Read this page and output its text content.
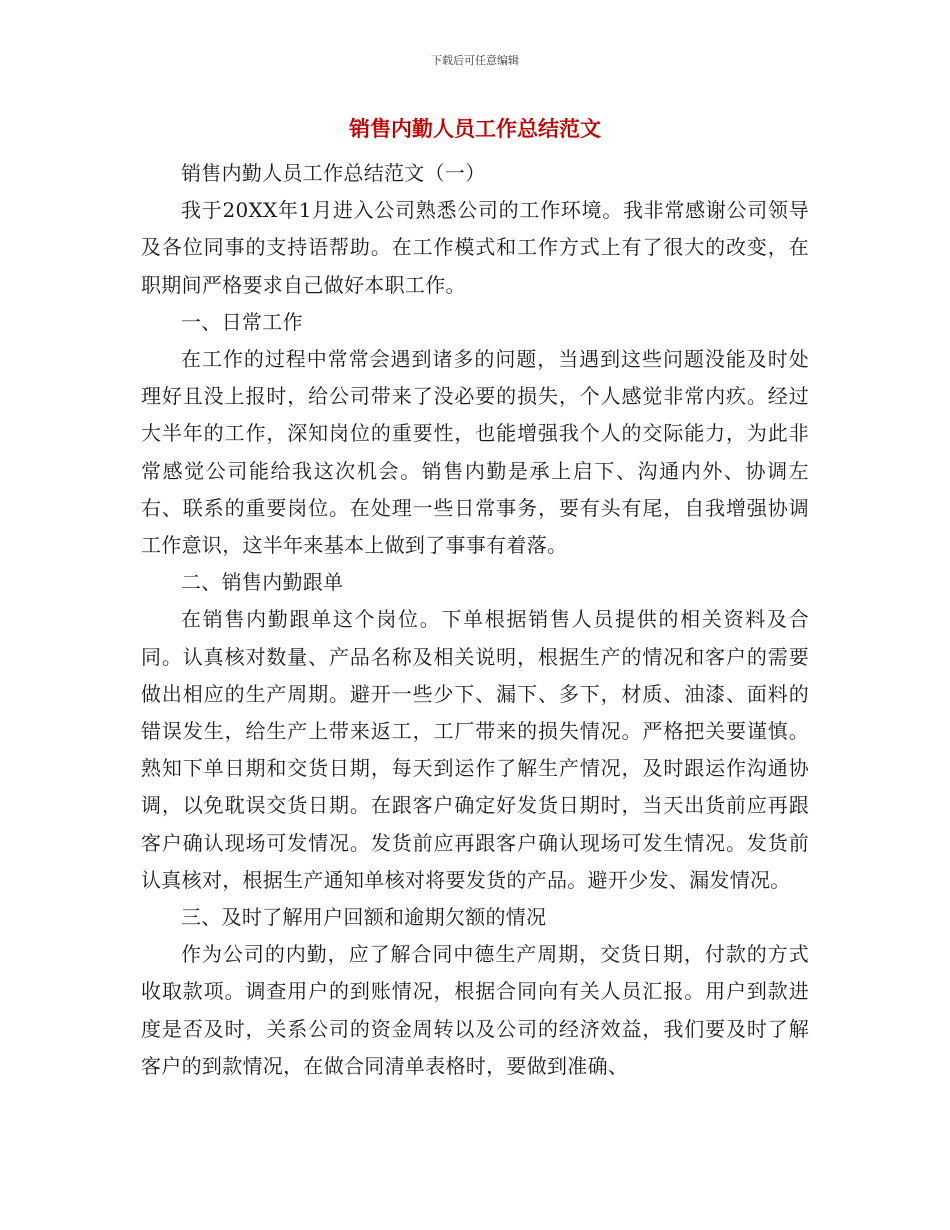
下载后可任意编辑
销售内勤人员工作总结范文

销售内勤人员工作总结范文（一）

我于20XX年1月进入公司熟悉公司的工作环境。我非常感谢公司领导及各位同事的支持语帮助。在工作模式和工作方式上有了很大的改变，在职期间严格要求自己做好本职工作。

一、日常工作

在工作的过程中常常会遇到诸多的问题，当遇到这些问题没能及时处理好且没上报时，给公司带来了没必要的损失，个人感觉非常内疚。经过大半年的工作，深知岗位的重要性，也能增强我个人的交际能力，为此非常感觉公司能给我这次机会。销售内勤是承上启下、沟通内外、协调左右、联系的重要岗位。在处理一些日常事务，要有头有尾，自我增强协调工作意识，这半年来基本上做到了事事有着落。

二、销售内勤跟单

在销售内勤跟单这个岗位。下单根据销售人员提供的相关资料及合同。认真核对数量、产品名称及相关说明，根据生产的情况和客户的需要做出相应的生产周期。避开一些少下、漏下、多下，材质、油漆、面料的错误发生，给生产上带来返工，工厂带来的损失情况。严格把关要谨慎。熟知下单日期和交货日期，每天到运作了解生产情况，及时跟运作沟通协调，以免耽误交货日期。在跟客户确定好发货日期时，当天出货前应再跟客户确认现场可发情况。发货前应再跟客户确认现场可发生情况。发货前认真核对，根据生产通知单核对将要发货的产品。避开少发、漏发情况。

三、及时了解用户回额和逾期欠额的情况

作为公司的内勤，应了解合同中德生产周期，交货日期，付款的方式收取款项。调查用户的到账情况，根据合同向有关人员汇报。用户到款进度是否及时，关系公司的资金周转以及公司的经济效益，我们要及时了解客户的到款情况，在做合同清单表格时，要做到准确、
